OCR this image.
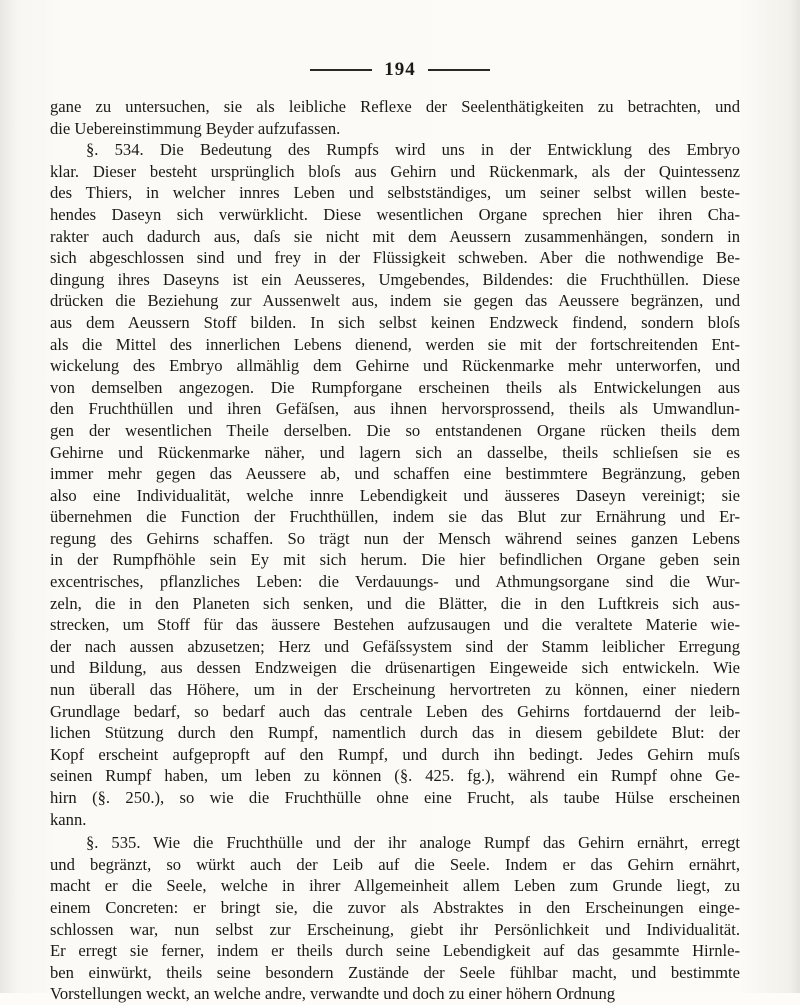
194
gane zu untersuchen, sie als leibliche Reflexe der Seelenthätigkeiten zu betrachten, und
die Uebereinstimmung Beyder aufzufassen.
§. 534. Die Bedeutung des Rumpfs wird uns in der Entwicklung des Embryo
klar. Dieser besteht ursprünglich bloſs aus Gehirn und Rückenmark, als der Quintessenz
des Thiers, in welcher innres Leben und selbstständiges, um seiner selbst willen beste-
hendes Daseyn sich verwürklicht. Diese wesentlichen Organe sprechen hier ihren Cha-
rakter auch dadurch aus, daſs sie nicht mit dem Aeussern zusammenhängen, sondern in
sich abgeschlossen sind und frey in der Flüssigkeit schweben. Aber die nothwendige Be-
dingung ihres Daseyns ist ein Aeusseres, Umgebendes, Bildendes: die Fruchthüllen. Diese
drücken die Beziehung zur Aussenwelt aus, indem sie gegen das Aeussere begränzen, und
aus dem Aeussern Stoff bilden. In sich selbst keinen Endzweck findend, sondern bloſs
als die Mittel des innerlichen Lebens dienend, werden sie mit der fortschreitenden Ent-
wickelung des Embryo allmählig dem Gehirne und Rückenmarke mehr unterworfen, und
von demselben angezogen. Die Rumpforgane erscheinen theils als Entwickelungen aus
den Fruchthüllen und ihren Gefäſsen, aus ihnen hervorsprossend, theils als Umwandlun-
gen der wesentlichen Theile derselben. Die so entstandenen Organe rücken theils dem
Gehirne und Rückenmarke näher, und lagern sich an dasselbe, theils schlieſsen sie es
immer mehr gegen das Aeussere ab, und schaffen eine bestimmtere Begränzung, geben
also eine Individualität, welche innre Lebendigkeit und äusseres Daseyn vereinigt; sie
übernehmen die Function der Fruchthüllen, indem sie das Blut zur Ernährung und Er-
regung des Gehirns schaffen. So trägt nun der Mensch während seines ganzen Lebens
in der Rumpfhöhle sein Ey mit sich herum. Die hier befindlichen Organe geben sein
excentrisches, pflanzliches Leben: die Verdauungs- und Athmungsorgane sind die Wur-
zeln, die in den Planeten sich senken, und die Blätter, die in den Luftkreis sich aus-
strecken, um Stoff für das äussere Bestehen aufzusaugen und die veraltete Materie wie-
der nach aussen abzusetzen; Herz und Gefäſssystem sind der Stamm leiblicher Erregung
und Bildung, aus dessen Endzweigen die drüsenartigen Eingeweide sich entwickeln. Wie
nun überall das Höhere, um in der Erscheinung hervortreten zu können, einer niedern
Grundlage bedarf, so bedarf auch das centrale Leben des Gehirns fortdauernd der leib-
lichen Stützung durch den Rumpf, namentlich durch das in diesem gebildete Blut: der
Kopf erscheint aufgepropft auf den Rumpf, und durch ihn bedingt. Jedes Gehirn muſs
seinen Rumpf haben, um leben zu können (§. 425. fg.), während ein Rumpf ohne Ge-
hirn (§. 250.), so wie die Fruchthülle ohne eine Frucht, als taube Hülse erscheinen
kann.
§. 535. Wie die Fruchthülle und der ihr analoge Rumpf das Gehirn ernährt, erregt
und begränzt, so würkt auch der Leib auf die Seele. Indem er das Gehirn ernährt,
macht er die Seele, welche in ihrer Allgemeinheit allem Leben zum Grunde liegt, zu
einem Concreten: er bringt sie, die zuvor als Abstraktes in den Erscheinungen einge-
schlossen war, nun selbst zur Erscheinung, giebt ihr Persönlichkeit und Individualität.
Er erregt sie ferner, indem er theils durch seine Lebendigkeit auf das gesammte Hirnle-
ben einwürkt, theils seine besondern Zustände der Seele fühlbar macht, und bestimmte
Vorstellungen weckt, an welche andre, verwandte und doch zu einer höhern Ordnung
